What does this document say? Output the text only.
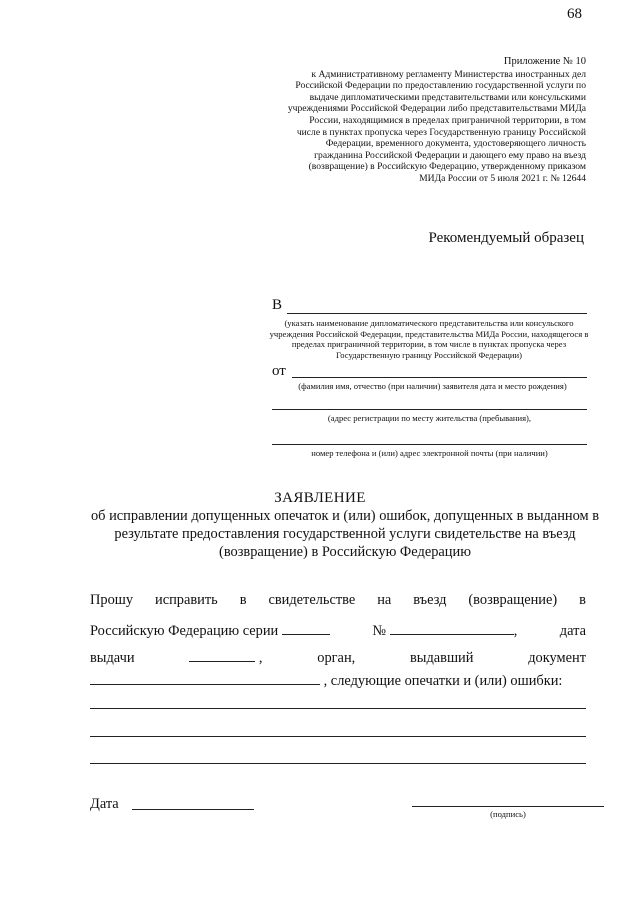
68
Приложение № 10
к Административному регламенту Министерства иностранных дел Российской Федерации по предоставлению государственной услуги по выдаче дипломатическими представительствами или консульскими учреждениями Российской Федерации либо представительствами МИДа России, находящимися в пределах приграничной территории, в том числе в пунктах пропуска через Государственную границу Российской Федерации, временного документа, удостоверяющего личность гражданина Российской Федерации и дающего ему право на въезд (возвращение) в Российскую Федерацию, утвержденному приказом МИДа России от 5 июля 2021 г. № 12644
Рекомендуемый образец
В
(указать наименование дипломатического представительства или консульского учреждения Российской Федерации, представительства МИДа России, находящегося в пределах приграничной территории, в том числе в пунктах пропуска через Государственную границу Российской Федерации)
от
(фамилия имя, отчество (при наличии) заявителя дата и место рождения)
(адрес регистрации по месту жительства (пребывания),
номер телефона и (или) адрес электронной почты (при наличии)
ЗАЯВЛЕНИЕ
об исправлении допущенных опечаток и (или) ошибок, допущенных в выданном в результате предоставления государственной услуги свидетельстве на въезд (возвращение) в Российскую Федерацию
Прошу исправить в свидетельстве на въезд (возвращение) в
Российскую Федерацию серии	№	,	дата
выдачи	,	орган,	выдавший	документ
, следующие опечатки и (или) ошибки:
Дата
(подпись)
